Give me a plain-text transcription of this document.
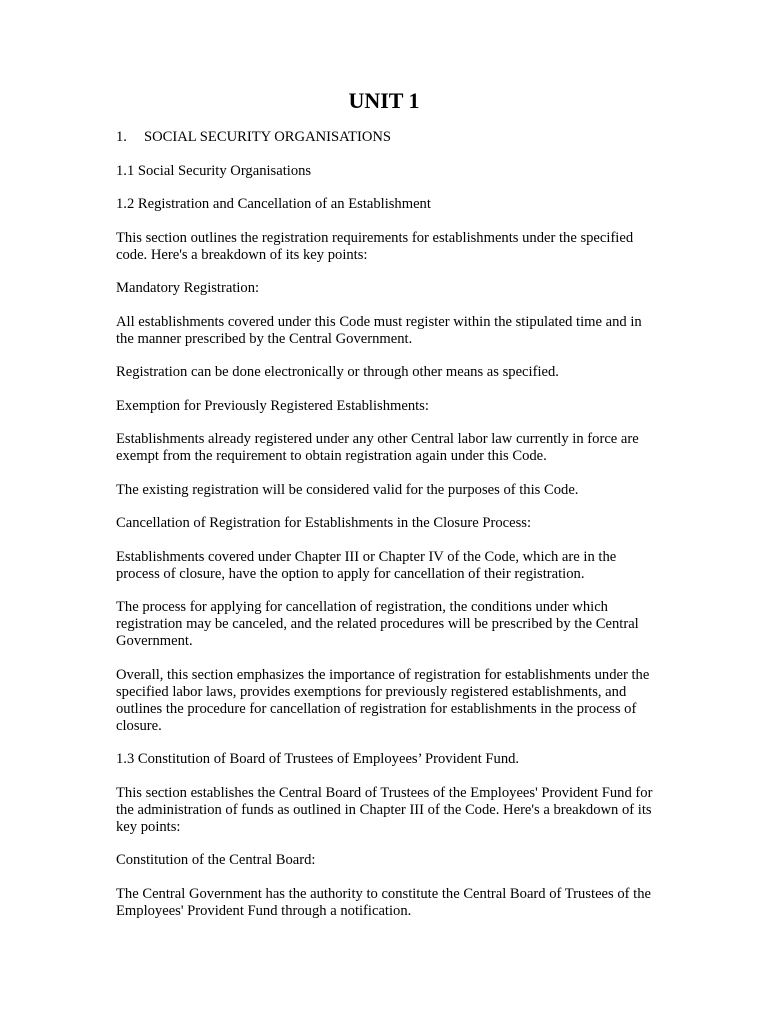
UNIT 1

1. SOCIAL SECURITY ORGANISATIONS

1.1 Social Security Organisations

1.2 Registration and Cancellation of an Establishment

This section outlines the registration requirements for establishments under the specified code. Here's a breakdown of its key points:

Mandatory Registration:

All establishments covered under this Code must register within the stipulated time and in the manner prescribed by the Central Government.

Registration can be done electronically or through other means as specified.

Exemption for Previously Registered Establishments:

Establishments already registered under any other Central labor law currently in force are exempt from the requirement to obtain registration again under this Code.

The existing registration will be considered valid for the purposes of this Code.

Cancellation of Registration for Establishments in the Closure Process:

Establishments covered under Chapter III or Chapter IV of the Code, which are in the process of closure, have the option to apply for cancellation of their registration.

The process for applying for cancellation of registration, the conditions under which registration may be canceled, and the related procedures will be prescribed by the Central Government.

Overall, this section emphasizes the importance of registration for establishments under the specified labor laws, provides exemptions for previously registered establishments, and outlines the procedure for cancellation of registration for establishments in the process of closure.

1.3 Constitution of Board of Trustees of Employees’ Provident Fund.

This section establishes the Central Board of Trustees of the Employees' Provident Fund for the administration of funds as outlined in Chapter III of the Code. Here's a breakdown of its key points:

Constitution of the Central Board:

The Central Government has the authority to constitute the Central Board of Trustees of the Employees' Provident Fund through a notification.
